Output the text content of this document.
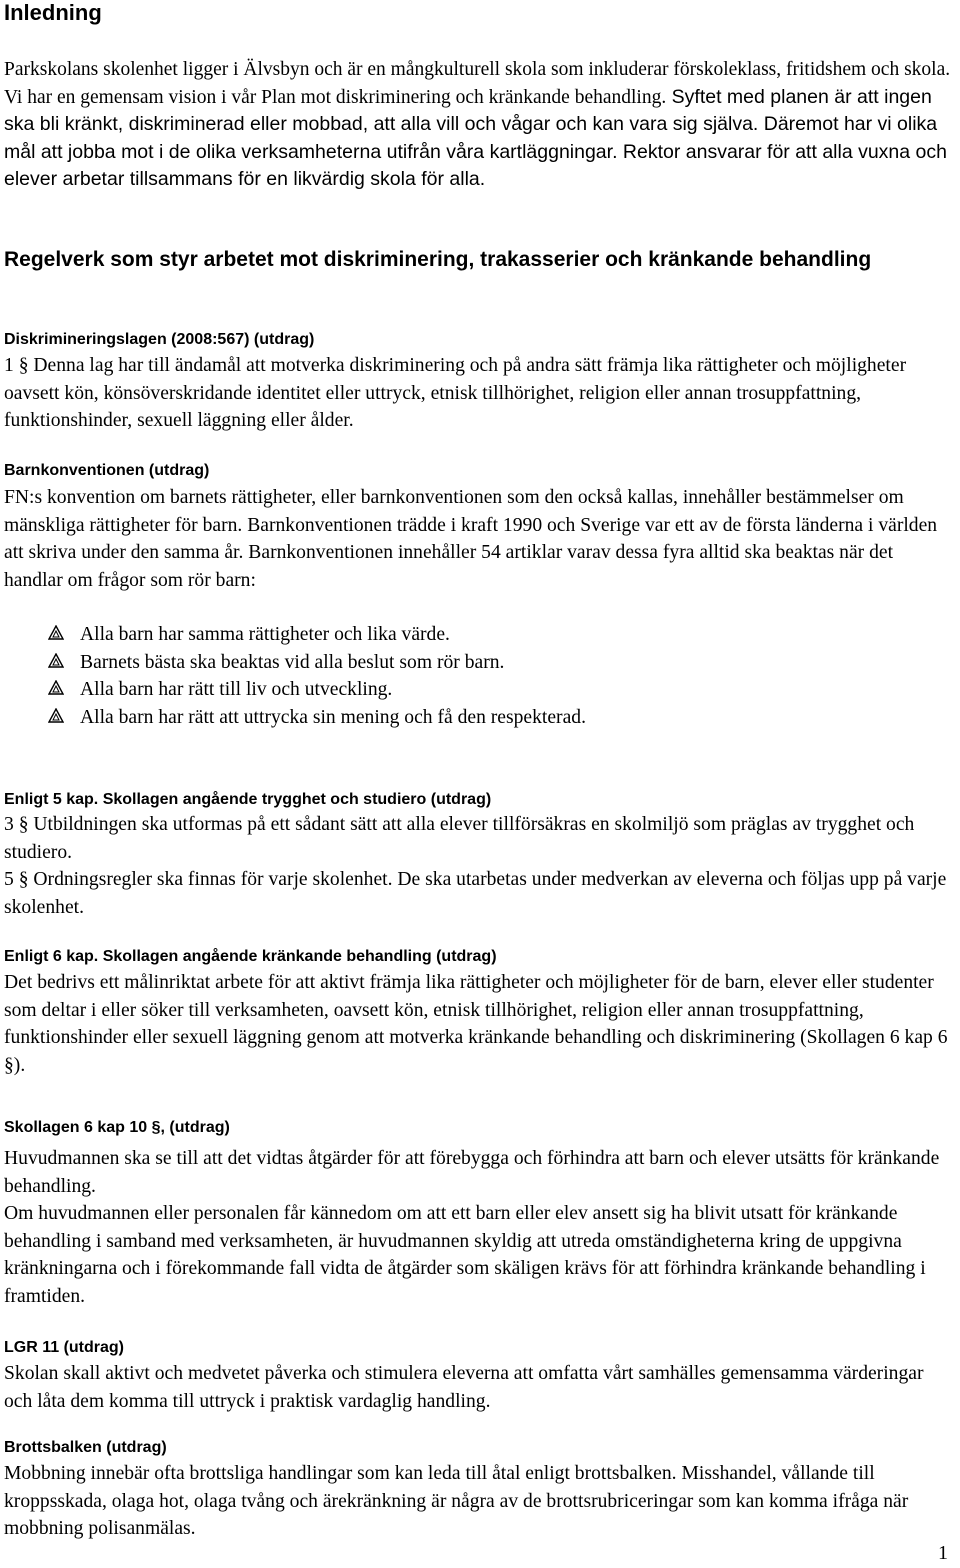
Inledning

Parkskolans skolenhet ligger i Älvsbyn och är en mångkulturell skola som inkluderar förskoleklass, fritidshem och skola. Vi har en gemensam vision i vår Plan mot diskriminering och kränkande behandling. Syftet med planen är att ingen ska bli kränkt, diskriminerad eller mobbad, att alla vill och vågar och kan vara sig själva. Däremot har vi olika mål att jobba mot i de olika verksamheterna utifrån våra kartläggningar. Rektor ansvarar för att alla vuxna och elever arbetar tillsammans för en likvärdig skola för alla.

Regelverk som styr arbetet mot diskriminering, trakasserier och kränkande behandling
Diskrimineringslagen (2008:567) (utdrag)

1 § Denna lag har till ändamål att motverka diskriminering och på andra sätt främja lika rättigheter och möjligheter oavsett kön, könsöverskridande identitet eller uttryck, etnisk tillhörighet, religion eller annan trosuppfattning, funktionshinder, sexuell läggning eller ålder.

Barnkonventionen (utdrag)

FN:s konvention om barnets rättigheter, eller barnkonventionen som den också kallas, innehåller bestämmelser om mänskliga rättigheter för barn. Barnkonventionen trädde i kraft 1990 och Sverige var ett av de första länderna i världen att skriva under den samma år. Barnkonventionen innehåller 54 artiklar varav dessa fyra alltid ska beaktas när det handlar om frågor som rör barn:

Alla barn har samma rättigheter och lika värde.
Barnets bästa ska beaktas vid alla beslut som rör barn.
Alla barn har rätt till liv och utveckling.
Alla barn har rätt att uttrycka sin mening och få den respekterad.
Enligt 5 kap. Skollagen angående trygghet och studiero (utdrag)

3 § Utbildningen ska utformas på ett sådant sätt att alla elever tillförsäkras en skolmiljö som präglas av trygghet och studiero.

5 § Ordningsregler ska finnas för varje skolenhet. De ska utarbetas under medverkan av eleverna och följas upp på varje skolenhet.

Enligt 6 kap. Skollagen angående kränkande behandling (utdrag)

Det bedrivs ett målinriktat arbete för att aktivt främja lika rättigheter och möjligheter för de barn, elever eller studenter som deltar i eller söker till verksamheten, oavsett kön, etnisk tillhörighet, religion eller annan trosuppfattning, funktionshinder eller sexuell läggning genom att motverka kränkande behandling och diskriminering (Skollagen 6 kap 6 §).

Skollagen 6 kap 10 §, (utdrag)

Huvudmannen ska se till att det vidtas åtgärder för att förebygga och förhindra att barn och elever utsätts för kränkande behandling.

Om huvudmannen eller personalen får kännedom om att ett barn eller elev ansett sig ha blivit utsatt för kränkande behandling i samband med verksamheten, är huvudmannen skyldig att utreda omständigheterna kring de uppgivna kränkningarna och i förekommande fall vidta de åtgärder som skäligen krävs för att förhindra kränkande behandling i framtiden.

LGR 11 (utdrag)

Skolan skall aktivt och medvetet påverka och stimulera eleverna att omfatta vårt samhälles gemensamma värderingar och låta dem komma till uttryck i praktisk vardaglig handling.

Brottsbalken (utdrag)

Mobbning innebär ofta brottsliga handlingar som kan leda till åtal enligt brottsbalken. Misshandel, vållande till kroppsskada, olaga hot, olaga tvång och ärekränkning är några av de brottsrubriceringar som kan komma ifråga när mobbning polisanmälas.

1
